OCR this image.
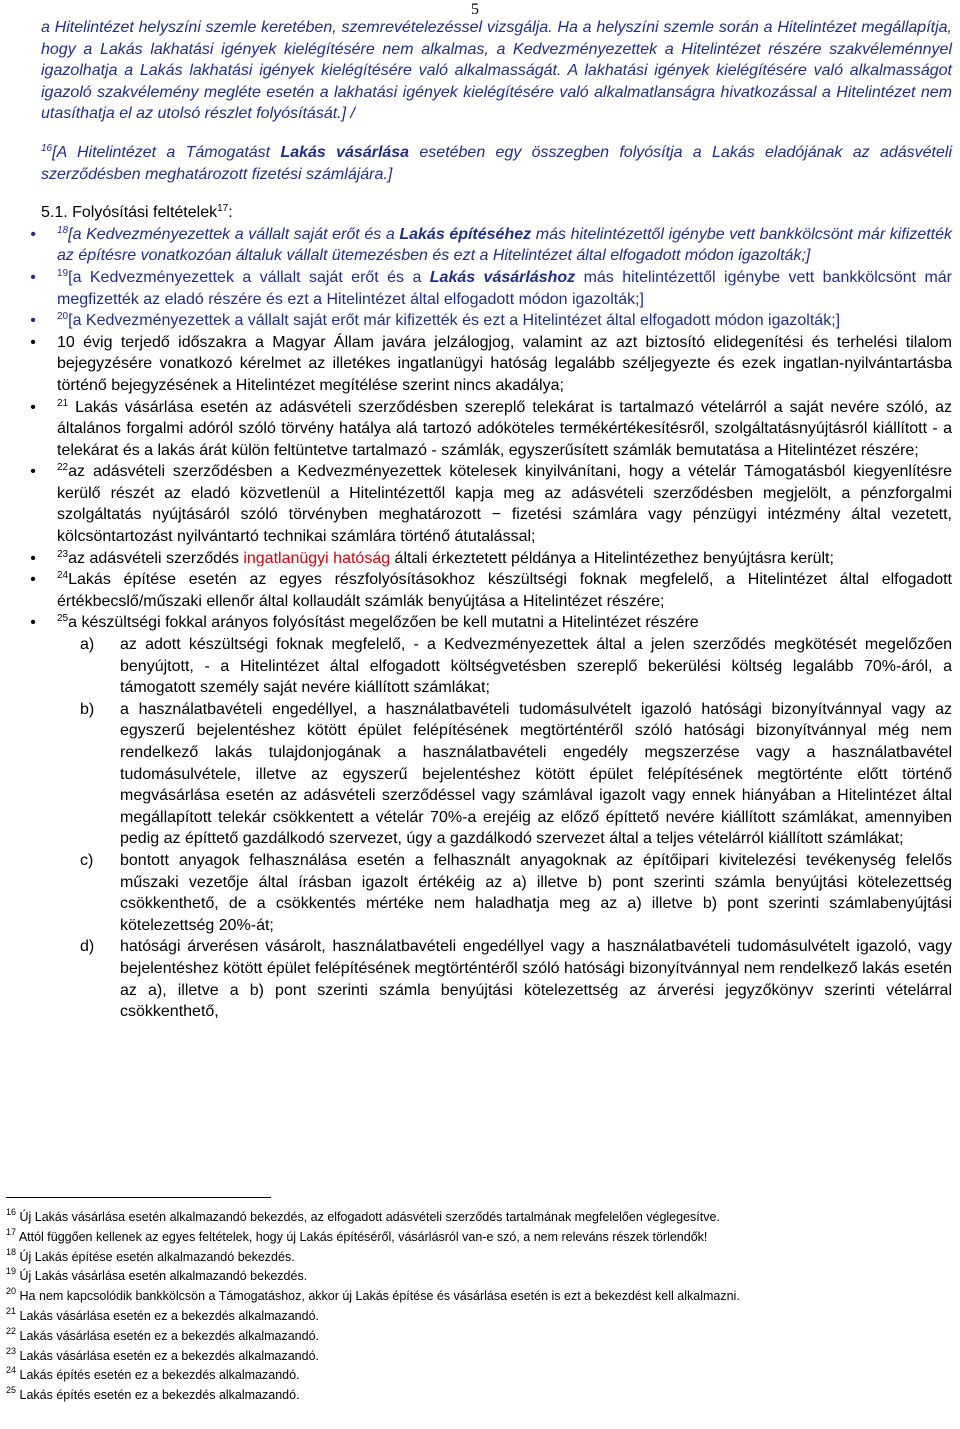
5

a Hitelintézet helyszíni szemle keretében, szemrevételezéssel vizsgálja. Ha a helyszíni szemle során a Hitelintézet megállapítja, hogy a Lakás lakhatási igények kielégítésére nem alkalmas, a Kedvezményezettek a Hitelintézet részére szakvéleménnyel igazolhatja a Lakás lakhatási igények kielégítésére való alkalmasságát. A lakhatási igények kielégítésére való alkalmasságot igazoló szakvélemény megléte esetén a lakhatási igények kielégítésére való alkalmatlanságra hivatkozással a Hitelintézet nem utasíthatja el az utolsó részlet folyósítását.] /

$^{16}$[A Hitelintézet a Támogatást Lakás vásárlása esetében egy összegben folyósítja a Lakás eladójának az adásvételi szerződésben meghatározott fizetési számlájára.]

5.1. Folyósítási feltételek$^{17}$:

•	$^{18}$[a Kedvezményezettek a vállalt saját erőt és a Lakás építéséhez más hitelintézettől igénybe vett bankkölcsönt már kifizették az építésre vonatkozóan általuk vállalt ütemezésben és ezt a Hitelintézet által elfogadott módon igazolták;]

•	$^{19}$[a Kedvezményezettek a vállalt saját erőt és a Lakás vásárláshoz más hitelintézettől igénybe vett bankkölcsönt már megfizették az eladó részére és ezt a Hitelintézet által elfogadott módon igazolták;]

•	$^{20}$[a Kedvezményezettek a vállalt saját erőt már kifizették és ezt a Hitelintézet által elfogadott módon igazolták;]

• 10 évig terjedő időszakra a Magyar Állam javára jelzálogjog, valamint az azt biztosító elidegenítési és terhelési tilalom bejegyzésére vonatkozó kérelmet az illetékes ingatlanügyi hatóság legalább széljegyezte és ezek ingatlan-nyilvántartásba történő bejegyzésének a Hitelintézet megítélése szerint nincs akadálya;

•	$^{21}$ Lakás vásárlása esetén az adásvételi szerződésben szereplő telekárat is tartalmazó vételárról a saját nevére szóló, az általános forgalmi adóról szóló törvény hatálya alá tartozó adóköteles termékértékesítésről, szolgáltatásnyújtásról kiállított - a telekárat és a lakás árát külön feltüntetve tartalmazó - számlák, egyszerűsített számlák bemutatása a Hitelintézet részére;

•	$^{22}$az adásvételi szerződésben a Kedvezményezettek kötelesek kinyilvánítani, hogy a vételár Támogatásból kiegyenlítésre kerülő részét az eladó közvetlenül a Hitelintézettől kapja meg az adásvételi szerződésben megjelölt, a pénzforgalmi szolgáltatás nyújtásáról szóló törvényben meghatározott − fizetési számlára vagy pénzügyi intézmény által vezetett, kölcsöntartozást nyilvántartó technikai számlára történő átutalással;

•	$^{23}$az adásvételi szerződés ingatlanügyi hatóság általi érkeztetett példánya a Hitelintézethez benyújtásra került;

•	$^{24}$Lakás építése esetén az egyes részfolyósításokhoz készültségi foknak megfelelő, a Hitelintézet által elfogadott értékbecslő/műszaki ellenőr által kollaudált számlák benyújtása a Hitelintézet részére;

•	$^{25}$a készültségi fokkal arányos folyósítást megelőzően be kell mutatni a Hitelintézet részére

a) az adott készültségi foknak megfelelő, - a Kedvezményezettek által a jelen szerződés megkötését megelőzően benyújtott, - a Hitelintézet által elfogadott költségvetésben szereplő bekerülési költség legalább 70%-áról, a támogatott személy saját nevére kiállított számlákat;

b) a használatbavételi engedéllyel, a használatbavételi tudomásulvételt igazoló hatósági bizonyítvánnyal vagy az egyszerű bejelentéshez kötött épület felépítésének megtörténtéről szóló hatósági bizonyítvánnyal még nem rendelkező lakás tulajdonjogának a használatbavételi engedély megszerzése vagy a használatbavétel tudomásulvétele, illetve az egyszerű bejelentéshez kötött épület felépítésének megtörténte előtt történő megvásárlása esetén az adásvételi szerződéssel vagy számlával igazolt vagy ennek hiányában a Hitelintézet által megállapított telekár csökkentett a vételár 70%-a erejéig az előző építtető nevére kiállított számlákat, amennyiben pedig az építtető gazdálkodó szervezet, úgy a gazdálkodó szervezet által a teljes vételárról kiállított számlákat;

c) bontott anyagok felhasználása esetén a felhasznált anyagoknak az építőipari kivitelezési tevékenység felelős műszaki vezetője által írásban igazolt értékéig az a) illetve b) pont szerinti számla benyújtási kötelezettség csökkenthető, de a csökkentés mértéke nem haladhatja meg az a) illetve b) pont szerinti számlabenyújtási kötelezettség 20%-át;

d) hatósági árverésen vásárolt, használatbavételi engedéllyel vagy a használatbavételi tudomásulvételt igazoló, vagy bejelentéshez kötött épület felépítésének megtörténtéről szóló hatósági bizonyítvánnyal nem rendelkező lakás esetén az a), illetve a b) pont szerinti számla benyújtási kötelezettség az árverési jegyzőkönyv szerinti vételárral csökkenthető,

$^{16}$ Új Lakás vásárlása esetén alkalmazandó bekezdés, az elfogadott adásvételi szerződés tartalmának megfelelően véglegesítve.
$^{17}$ Attól függően kellenek az egyes feltételek, hogy új Lakás építéséről, vásárlásról van-e szó, a nem releváns részek törlendők!
$^{18}$ Új Lakás építése esetén alkalmazandó bekezdés.
$^{19}$ Új Lakás vásárlása esetén alkalmazandó bekezdés.
$^{20}$ Ha nem kapcsolódik bankkölcsön a Támogatáshoz, akkor új Lakás építése és vásárlása esetén is ezt a bekezdést kell alkalmazni.
$^{21}$ Lakás vásárlása esetén ez a bekezdés alkalmazandó.
$^{22}$ Lakás vásárlása esetén ez a bekezdés alkalmazandó.
$^{23}$ Lakás vásárlása esetén ez a bekezdés alkalmazandó.
$^{24}$ Lakás építés esetén ez a bekezdés alkalmazandó.
$^{25}$ Lakás építés esetén ez a bekezdés alkalmazandó.
